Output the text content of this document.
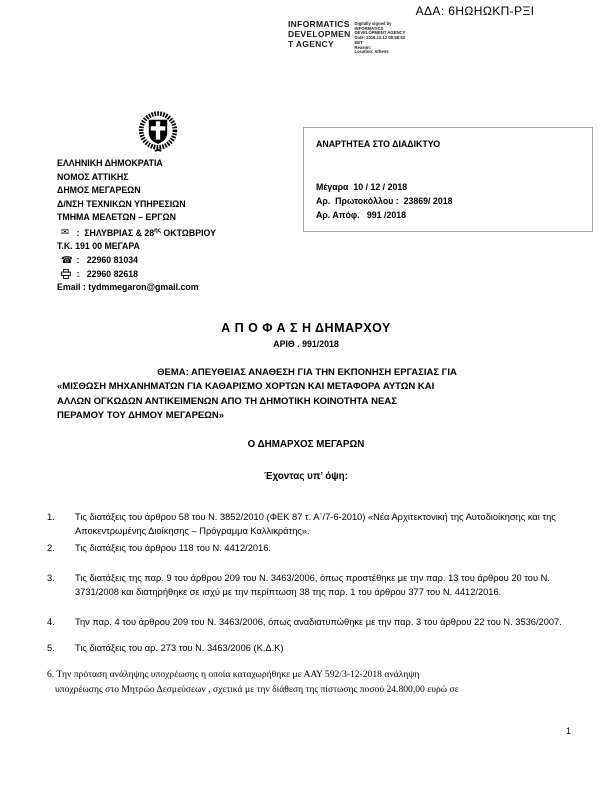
ΑΔΑ: 6ΗΩΗΩΚΠ-ΡΞΙ
INFORMATICS
DEVELOPMEN
T AGENCY
Digitally signed by
INFORMATICS
DEVELOPMENT AGENCY
Date: 2018.12.12 08:58:52
EET
Reason:
Location: Athens
ΕΛΛΗΝΙΚΗ ΔΗΜΟΚΡΑΤΙΑ
ΝΟΜΟΣ ΑΤΤΙΚΗΣ
ΔΗΜΟΣ ΜΕΓΑΡΕΩΝ
Δ/ΝΣΗ ΤΕΧΝΙΚΩΝ ΥΠΗΡΕΣΙΩΝ
ΤΜΗΜΑ ΜΕΛΕΤΩΝ – ΕΡΓΩΝ
✉ :  ΣΗΛΥΒΡΙΑΣ & $28^{\eta\varsigma}$ ΟΚΤΩΒΡΙΟΥ
Τ.Κ. 191 00 ΜΕΓΑΡΑ
☎ :   22960 81034
:   22960 82618
Email : tydmmegaron@gmail.com
ΑΝΑΡΤΗΤΕΑ ΣΤΟ ΔΙΑΔΙΚΤΥΟ
Μέγαρα  10 / 12 / 2018
Αρ.  Πρωτοκόλλου :  23869/ 2018
Αρ. Απόφ.   991 /2018
Α Π Ο Φ Α Σ Η ΔΗΜΑΡΧΟΥ
ΑΡΙΘ . 991/2018
ΘΕΜΑ: ΑΠΕΥΘΕΙΑΣ ΑΝΑΘΕΣΗ ΓΙΑ ΤΗΝ ΕΚΠΟΝΗΣΗ ΕΡΓΑΣΙΑΣ ΓΙΑ
«ΜΙΣΘΩΣΗ ΜΗΧΑΝΗΜΑΤΩΝ ΓΙΑ ΚΑΘΑΡΙΣΜΟ ΧΟΡΤΩΝ ΚΑΙ ΜΕΤΑΦΟΡΑ ΑΥΤΩΝ ΚΑΙ
ΑΛΛΩΝ ΟΓΚΩΔΩΝ ΑΝΤΙΚΕΙΜΕΝΩΝ ΑΠΟ ΤΗ ΔΗΜΟΤΙΚΗ ΚΟΙΝΟΤΗΤΑ ΝΕΑΣ
ΠΕΡΑΜΟΥ ΤΟΥ ΔΗΜΟΥ ΜΕΓΑΡΕΩΝ»
Ο ΔΗΜΑΡΧΟΣ ΜΕΓΑΡΩΝ
Έχοντας υπ’ όψη:
1.	Τις διατάξεις του άρθρου 58 του Ν. 3852/2010 (ΦΕΚ 87 τ. Α΄/7-6-2010) «Νέα Αρχιτεκτονική της Αυτοδιοίκησης και της Αποκεντρωμένης Διοίκησης – Πρόγραμμα Καλλικράτης».
2.	Τις διατάξεις του άρθρου 118 του Ν. 4412/2016.
3.	Τις διατάξεις της παρ. 9 του άρθρου 209 του Ν. 3463/2006, όπως προστέθηκε με την παρ. 13 του άρθρου 20 του Ν. 3731/2008 και διατηρήθηκε σε ισχύ με την περίπτωση 38 της παρ. 1 του άρθρου 377 του Ν. 4412/2016.
4.	Την παρ. 4 του άρθρου 209 του Ν. 3463/2006, όπως αναδιατυπώθηκε με την παρ. 3 του άρθρου 22 του Ν. 3536/2007.
5.	Τις διατάξεις του αρ. 273 του Ν. 3463/2006 (Κ.Δ.Κ)
6. Την πρόταση ανάληψης υποχρέωσης η οποία καταχωρήθηκε με ΑΑΥ 592/3-12-2018 ανάληψη
υποχρέωσης στο Μητρώο Δεσμεύσεων , σχετικά με την διάθεση της πίστωσης ποσού 24.800,00 ευρώ σε
1
